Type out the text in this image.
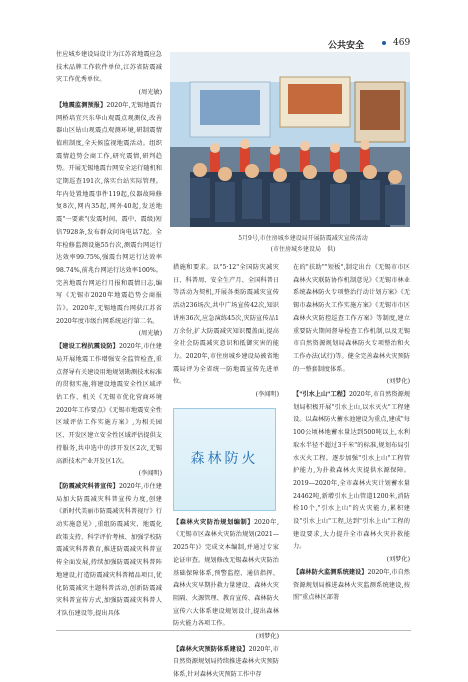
公共安全	469

住应城乡建设局设计为江苏省地震应急技术品牌工作软件单位,江苏省防震减灾工作优秀单位。

(周光敏)

【地震监测预报】2020年,无锡地震台网桥培宜兴东华山观震点观测仪,改善器山区钻山观震点观测环境,研制震情值班制度,全天候监视地震活动。组织震情趋势会商工作,研究震情,研判趋势。开展无锡地震台网安全运行随机和定期巡查191次,落实台站实际管理。年内处置地震事件119起,仪器故障修复8次,网内35起,网外40起,发送地震"一要素"(发震时间、震中、震级)短信7928条,发布群众问询电话7起。全年检修监测设施55台次,测震台网运行达效率99.75%,强震台网运行达效率98.74%,前兆台网运行达效率100%。完善地震台网运行月报和震情日志,编写《无锡市2020年地震趋势会商报告》。2020年,无锡地震台网获江苏省2020年度市级台网系统运行第二名。

(周光敏)

【建设工程抗震设防】2020年,市住建局开展地震工作增强安全监管检查,重点督导有关建设用地规划勘测技术标准的贯彻实施,将建设地震安全性区域评估工作、机关《无锡市优化营商环境2020年工作要点》《无锡市地震安全性区域评估工作实施方案》,为相关园区、开发区建立安全性区域评估提供支持服务,共申选中的涉开发区2次,无锡高新技术产业开发区1次。

(李闻明)

【防震减灾科普宣传】2020年,市住建局加大防震减灾科普宣传力度,创建《新时代美丽市防震减灾科普视厅》行动实施意见》,重组防震减灾、地震化政策支持、科学评价考核、加强学校防震减灾科普教育,推进防震减灾科普宣传全面发展,持续加强防震减灾科普阵地建设,打造防震减灾科普精品项目,优化防震减灾主题科普活动,创新防震减灾科普宣传方式,加强防震减灾科普人才队伍建设等,提出具体

5月9号,市住房城乡建设局开展防震减灾宣传活动
(市住房城乡建设局　供)

措施和要求。以"5·12"全国防灾减灾日、科普周、安全生产月、全国科普日等活动为契机,开展各类防震减灾宣传活动236场次,共中广场宣传42次,知识讲座36次,应急演练45次,灾防宣传品1万余份,扩大防震减灾知识覆盖面,提高全社会防震减灾意识和抵御灾害的能力。2020年,市住房城乡建设局被省地震局评为全省统一防地震宣传先进单位。

(李闻明)

森林防火

【森林火灾防治规划编制】2020年,《无锡市区森林火灾防治规划(2021—2025年)》完成文本编制,并通过专家论证审查。规划修改无锡森林火灾防治基础保障体系,预警监控、通信指挥、森林火灾早期扑救力量建设、森林火灾阻隔、火源管理、教育宣传、森林防火宣传六大体系建设规划设计,提出森林防火能力各项工作。

(刘梦化)

【森林火灾预防体系建设】2020年,市自然资源规划局持续推进森林火灾预防体系,针对森林火灾预防工作中存

在的"扶助""短板",制定出台《无锡市市区森林火灾联防协作机制意见》《无锡市林业系统森林防火专项整治行动计划方案》《无锡市森林防火工作实施方案》《无锡市市区森林火灾防控巡查工作方案》等制度,建立重要防火期间督导检查工作机制,以及无锡市自然资源规划局森林防火专项整治和火工作办法(试行)等。健全完善森林火灾预防的一整套制度体系。

(刘梦化)

【"引水上山"工程】2020年,市自然资源规划局积极开展"引水上山,以水灭火"工程建设。以森林防火蓄水池建设为重点,建成"每100公顷林地蓄水量达到500吨以上,水利取水半径不超过3千米"的标准,规划布局引水灭火工程。逐步加强"引水上山"工程管护能力,为扑救森林火灾提供水源保障。2019—2020年,全市森林火灾计划蓄水量24462吨,新增引水上山管道1200米,消防栓10个,"引水上山"的火灾能力,累积建设"引水上山"工程,达到"引水上山"工程的建设要求,大力提升全市森林火灾扑救能力。

(刘梦化)

【森林防火监测系统建设】2020年,市自然资源规划局推进森林火灾监测系统建设,按照"重点林区部署
